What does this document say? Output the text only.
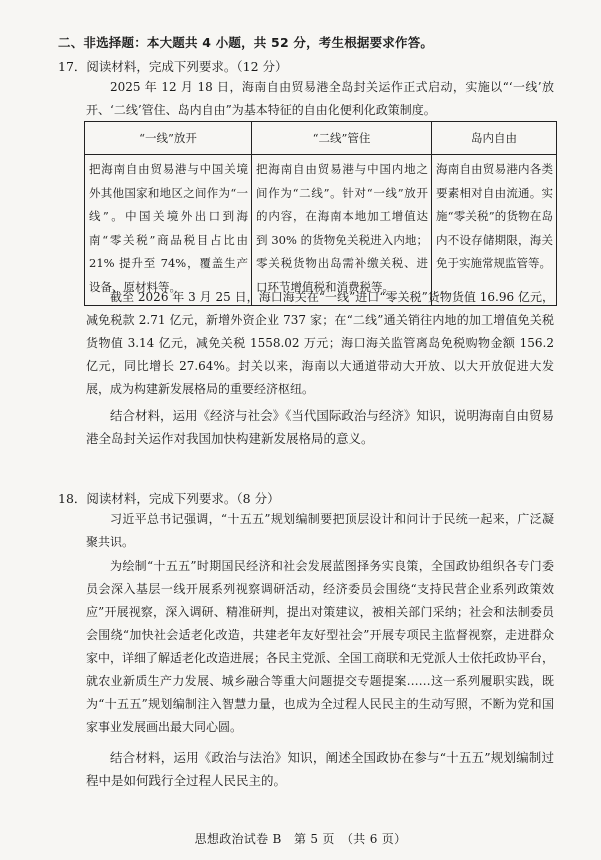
二、非选择题：本大题共 4 小题，共 52 分，考生根据要求作答。
17．阅读材料，完成下列要求。（12 分）
2025 年 12 月 18 日，海南自由贸易港全岛封关运作正式启动，实施以“‘一线’放开、‘二线’管住、岛内自由”为基本特征的自由化便利化政策制度。
“一线”放开	“二线”管住	岛内自由
把海南自由贸易港与中国关境外其他国家和地区之间作为“一线”。中国关境外出口到海南“零关税”商品税目占比由 21% 提升至 74%，覆盖生产设备、原材料等。	把海南自由贸易港与中国内地之间作为“二线”。针对“一线”放开的内容，在海南本地加工增值达到 30% 的货物免关税进入内地；零关税货物出岛需补缴关税、进口环节增值税和消费税等。	海南自由贸易港内各类要素相对自由流通。实施“零关税”的货物在岛内不设存储期限，海关免于实施常规监管等。
截至 2026 年 3 月 25 日，海口海关在“一线”进口“零关税”货物货值 16.96 亿元，减免税款 2.71 亿元，新增外资企业 737 家；在“二线”通关销往内地的加工增值免关税货物值 3.14 亿元，减免关税 1558.02 万元；海口海关监管离岛免税购物金额 156.2 亿元，同比增长 27.64%。封关以来，海南以大通道带动大开放、以大开放促进大发展，成为构建新发展格局的重要经济枢纽。
结合材料，运用《经济与社会》《当代国际政治与经济》知识，说明海南自由贸易港全岛封关运作对我国加快构建新发展格局的意义。
18．阅读材料，完成下列要求。（8 分）
习近平总书记强调，“十五五”规划编制要把顶层设计和问计于民统一起来，广泛凝聚共识。
为绘制“十五五”时期国民经济和社会发展蓝图择务实良策，全国政协组织各专门委员会深入基层一线开展系列视察调研活动，经济委员会围绕“支持民营企业系列政策效应”开展视察，深入调研、精准研判，提出对策建议，被相关部门采纳；社会和法制委员会围绕“加快社会适老化改造，共建老年友好型社会”开展专项民主监督视察，走进群众家中，详细了解适老化改造进展；各民主党派、全国工商联和无党派人士依托政协平台，就农业新质生产力发展、城乡融合等重大问题提交专题提案……这一系列履职实践，既为“十五五”规划编制注入智慧力量，也成为全过程人民民主的生动写照，不断为党和国家事业发展画出最大同心圆。
结合材料，运用《政治与法治》知识，阐述全国政协在参与“十五五”规划编制过程中是如何践行全过程人民民主的。
思想政治试卷 B　第 5 页　（共 6 页）
